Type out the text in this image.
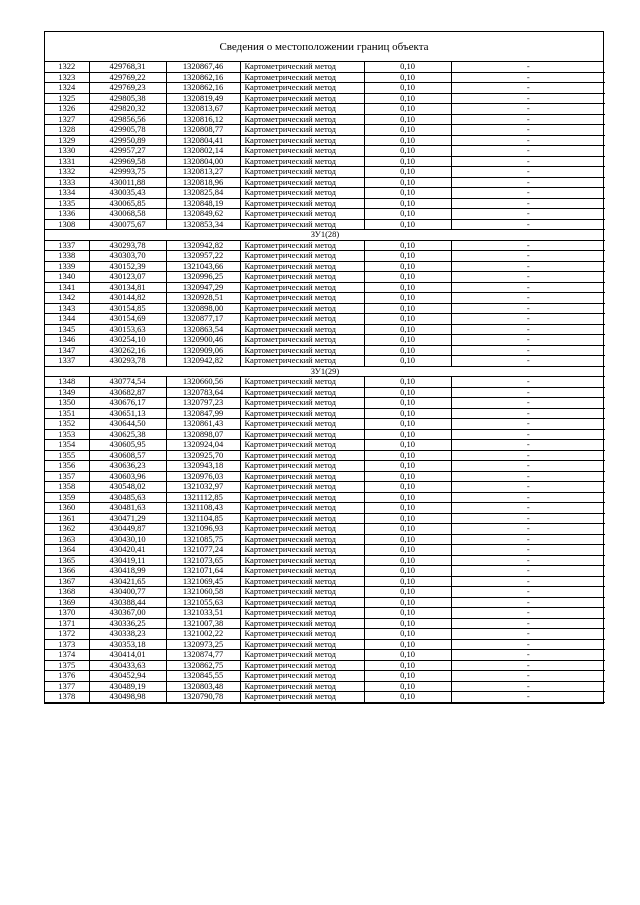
Сведения о местоположении границ объекта
1322	429768,31	1320867,46	Картометрический метод	0,10	-
1323	429769,22	1320862,16	Картометрический метод	0,10	-
1324	429769,23	1320862,16	Картометрический метод	0,10	-
1325	429805,38	1320819,49	Картометрический метод	0,10	-
1326	429820,32	1320813,67	Картометрический метод	0,10	-
1327	429856,56	1320816,12	Картометрический метод	0,10	-
1328	429905,78	1320808,77	Картометрический метод	0,10	-
1329	429950,89	1320804,41	Картометрический метод	0,10	-
1330	429957,27	1320802,14	Картометрический метод	0,10	-
1331	429969,58	1320804,00	Картометрический метод	0,10	-
1332	429993,75	1320813,27	Картометрический метод	0,10	-
1333	430011,88	1320818,96	Картометрический метод	0,10	-
1334	430035,43	1320825,84	Картометрический метод	0,10	-
1335	430065,85	1320848,19	Картометрический метод	0,10	-
1336	430068,58	1320849,62	Картометрический метод	0,10	-
1308	430075,67	1320853,34	Картометрический метод	0,10	-
ЗУ1(28)					
1337	430293,78	1320942,82	Картометрический метод	0,10	-
1338	430303,70	1320957,22	Картометрический метод	0,10	-
1339	430152,39	1321043,66	Картометрический метод	0,10	-
1340	430123,07	1320996,25	Картометрический метод	0,10	-
1341	430134,81	1320947,29	Картометрический метод	0,10	-
1342	430144,82	1320928,51	Картометрический метод	0,10	-
1343	430154,85	1320898,00	Картометрический метод	0,10	-
1344	430154,69	1320877,17	Картометрический метод	0,10	-
1345	430153,63	1320863,54	Картометрический метод	0,10	-
1346	430254,10	1320900,46	Картометрический метод	0,10	-
1347	430262,16	1320909,06	Картометрический метод	0,10	-
1337	430293,78	1320942,82	Картометрический метод	0,10	-
ЗУ1(29)					
1348	430774,54	1320660,56	Картометрический метод	0,10	-
1349	430682,87	1320783,64	Картометрический метод	0,10	-
1350	430676,17	1320797,23	Картометрический метод	0,10	-
1351	430651,13	1320847,99	Картометрический метод	0,10	-
1352	430644,50	1320861,43	Картометрический метод	0,10	-
1353	430625,38	1320898,07	Картометрический метод	0,10	-
1354	430605,95	1320924,04	Картометрический метод	0,10	-
1355	430608,57	1320925,70	Картометрический метод	0,10	-
1356	430636,23	1320943,18	Картометрический метод	0,10	-
1357	430603,96	1320976,03	Картометрический метод	0,10	-
1358	430548,02	1321032,97	Картометрический метод	0,10	-
1359	430485,63	1321112,85	Картометрический метод	0,10	-
1360	430481,63	1321108,43	Картометрический метод	0,10	-
1361	430471,29	1321104,85	Картометрический метод	0,10	-
1362	430449,87	1321096,93	Картометрический метод	0,10	-
1363	430430,10	1321085,75	Картометрический метод	0,10	-
1364	430420,41	1321077,24	Картометрический метод	0,10	-
1365	430419,11	1321073,65	Картометрический метод	0,10	-
1366	430418,99	1321071,64	Картометрический метод	0,10	-
1367	430421,65	1321069,45	Картометрический метод	0,10	-
1368	430400,77	1321060,58	Картометрический метод	0,10	-
1369	430388,44	1321055,63	Картометрический метод	0,10	-
1370	430367,00	1321033,51	Картометрический метод	0,10	-
1371	430336,25	1321007,38	Картометрический метод	0,10	-
1372	430338,23	1321002,22	Картометрический метод	0,10	-
1373	430353,18	1320973,25	Картометрический метод	0,10	-
1374	430414,01	1320874,77	Картометрический метод	0,10	-
1375	430433,63	1320862,75	Картометрический метод	0,10	-
1376	430452,94	1320845,55	Картометрический метод	0,10	-
1377	430489,19	1320803,48	Картометрический метод	0,10	-
1378	430498,98	1320790,78	Картометрический метод	0,10	-
